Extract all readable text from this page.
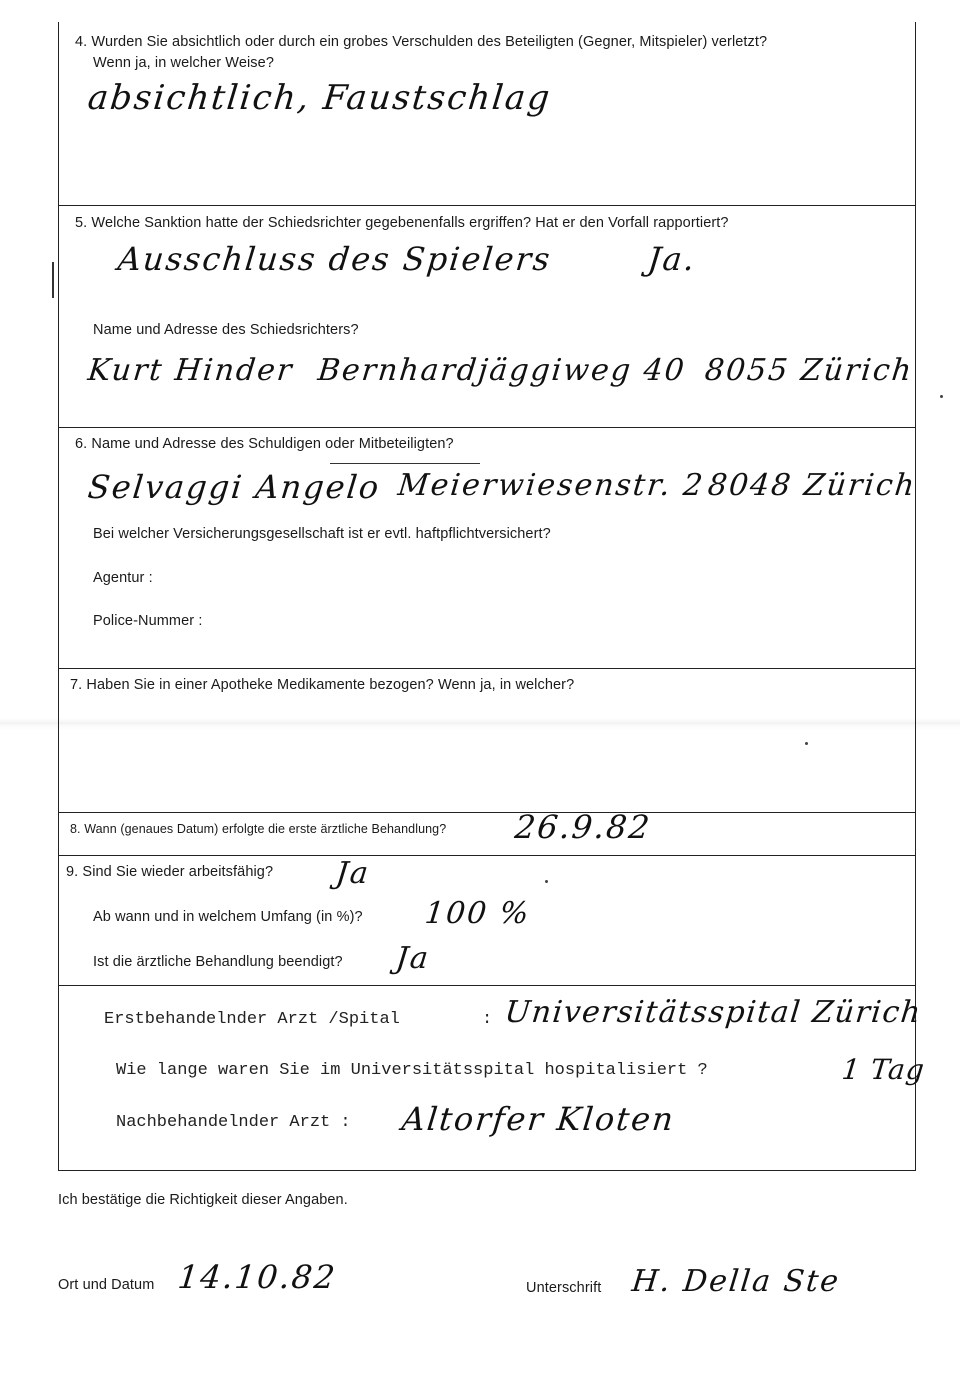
4. Wurden Sie absichtlich oder durch ein grobes Verschulden des Beteiligten (Gegner, Mitspieler) verletzt?
Wenn ja, in welcher Weise?
absichtlich, Faustschlag
5. Welche Sanktion hatte der Schiedsrichter gegebenenfalls ergriffen? Hat er den Vorfall rapportiert?
Ausschluss des Spielers	Ja.
Name und Adresse des Schiedsrichters?
Kurt Hinder Bernhardjäggiweg 40 8055 Zürich
6. Name und Adresse des Schuldigen oder Mitbeteiligten?
Selvaggi Angelo Meierwiesenstr. 2 8048 Zürich
Bei welcher Versicherungsgesellschaft ist er evtl. haftpflichtversichert?
Agentur :
Police-Nummer :
7. Haben Sie in einer Apotheke Medikamente bezogen? Wenn ja, in welcher?
8. Wann (genaues Datum) erfolgte die erste ärztliche Behandlung? 26.9.82
9. Sind Sie wieder arbeitsfähig? Ja
Ab wann und in welchem Umfang (in %)? 100 %
Ist die ärztliche Behandlung beendigt? Ja
Erstbehandelnder Arzt /Spital	: Universitätsspital Zürich
Wie lange waren Sie im Universitätsspital hospitalisiert ?	1 Tag
Nachbehandelnder Arzt : Altorfer Kloten
Ich bestätige die Richtigkeit dieser Angaben.
Ort und Datum 14.10.82	Unterschrift H. Della Ste
